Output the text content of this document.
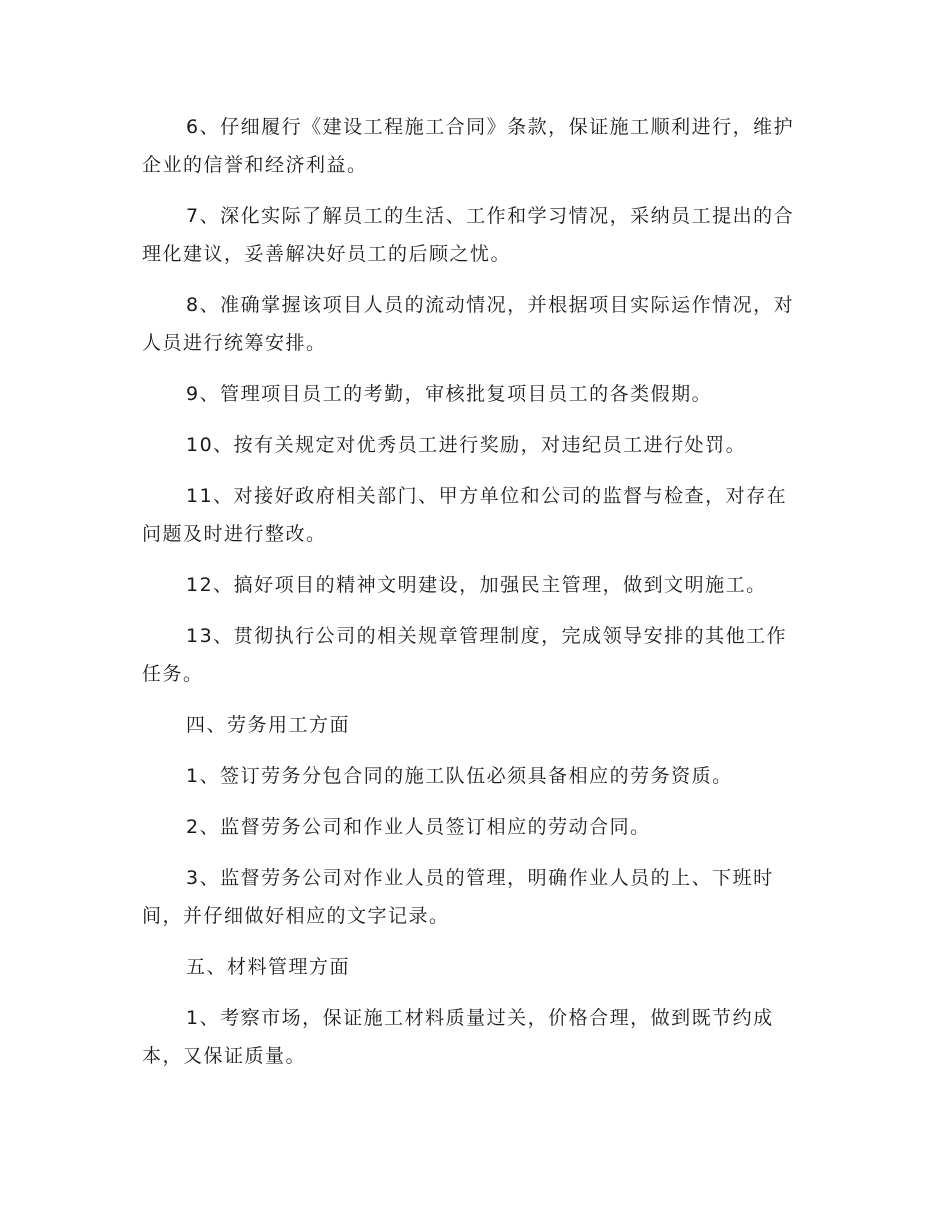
6、仔细履行《建设工程施工合同》条款，保证施工顺利进行，维护企业的信誉和经济利益。

7、深化实际了解员工的生活、工作和学习情况，采纳员工提出的合理化建议，妥善解决好员工的后顾之忧。

8、准确掌握该项目人员的流动情况，并根据项目实际运作情况，对人员进行统筹安排。

9、管理项目员工的考勤，审核批复项目员工的各类假期。

10、按有关规定对优秀员工进行奖励，对违纪员工进行处罚。

11、对接好政府相关部门、甲方单位和公司的监督与检查，对存在问题及时进行整改。

12、搞好项目的精神文明建设，加强民主管理，做到文明施工。

13、贯彻执行公司的相关规章管理制度，完成领导安排的其他工作任务。

四、劳务用工方面

1、签订劳务分包合同的施工队伍必须具备相应的劳务资质。

2、监督劳务公司和作业人员签订相应的劳动合同。

3、监督劳务公司对作业人员的管理，明确作业人员的上、下班时间，并仔细做好相应的文字记录。

五、材料管理方面

1、考察市场，保证施工材料质量过关，价格合理，做到既节约成本，又保证质量。
